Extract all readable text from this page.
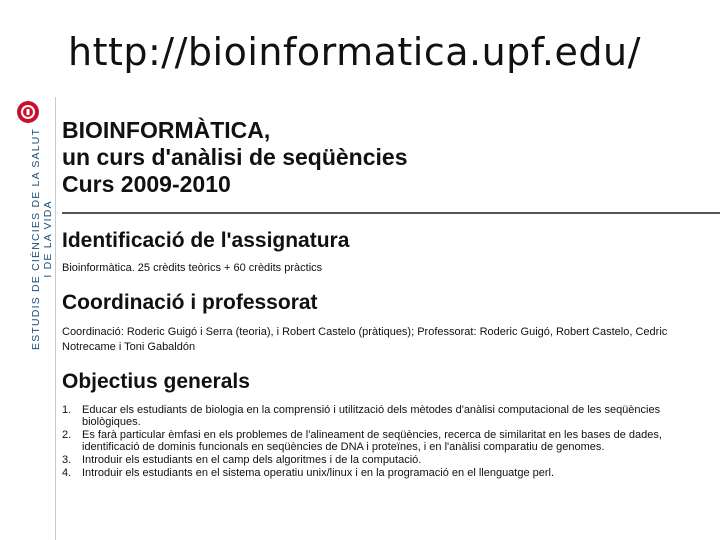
http://bioinformatica.upf.edu/
ESTUDIS DE CIÈNCIES DE LA SALUT I DE LA VIDA
BIOINFORMÀTICA,
un curs d'anàlisi de seqüències
Curs 2009-2010
Identificació de l'assignatura
Bioinformàtica. 25 crèdits teòrics + 60 crèdits pràctics
Coordinació i professorat
Coordinació: Roderic Guigó i Serra (teoria), i Robert Castelo (pràtiques); Professorat: Roderic Guigó, Robert Castelo, Cedric
Notrecame i Toni Gabaldón
Objectius generals
1. Educar els estudiants de biologia en la comprensió i utilització dels mètodes d'anàlisi computacional de les seqüències
biològiques.
2. Es farà particular èmfasi en els problemes de l'alineament de seqüències, recerca de similaritat en les bases de dades,
identificació de dominis funcionals en seqüències de DNA i proteïnes, i en l'anàlisi comparatiu de genomes.
3. Introduir els estudiants en el camp dels algoritmes i de la computació.
4. Introduir els estudiants en el sistema operatiu unix/linux i en la programació en el llenguatge perl.
